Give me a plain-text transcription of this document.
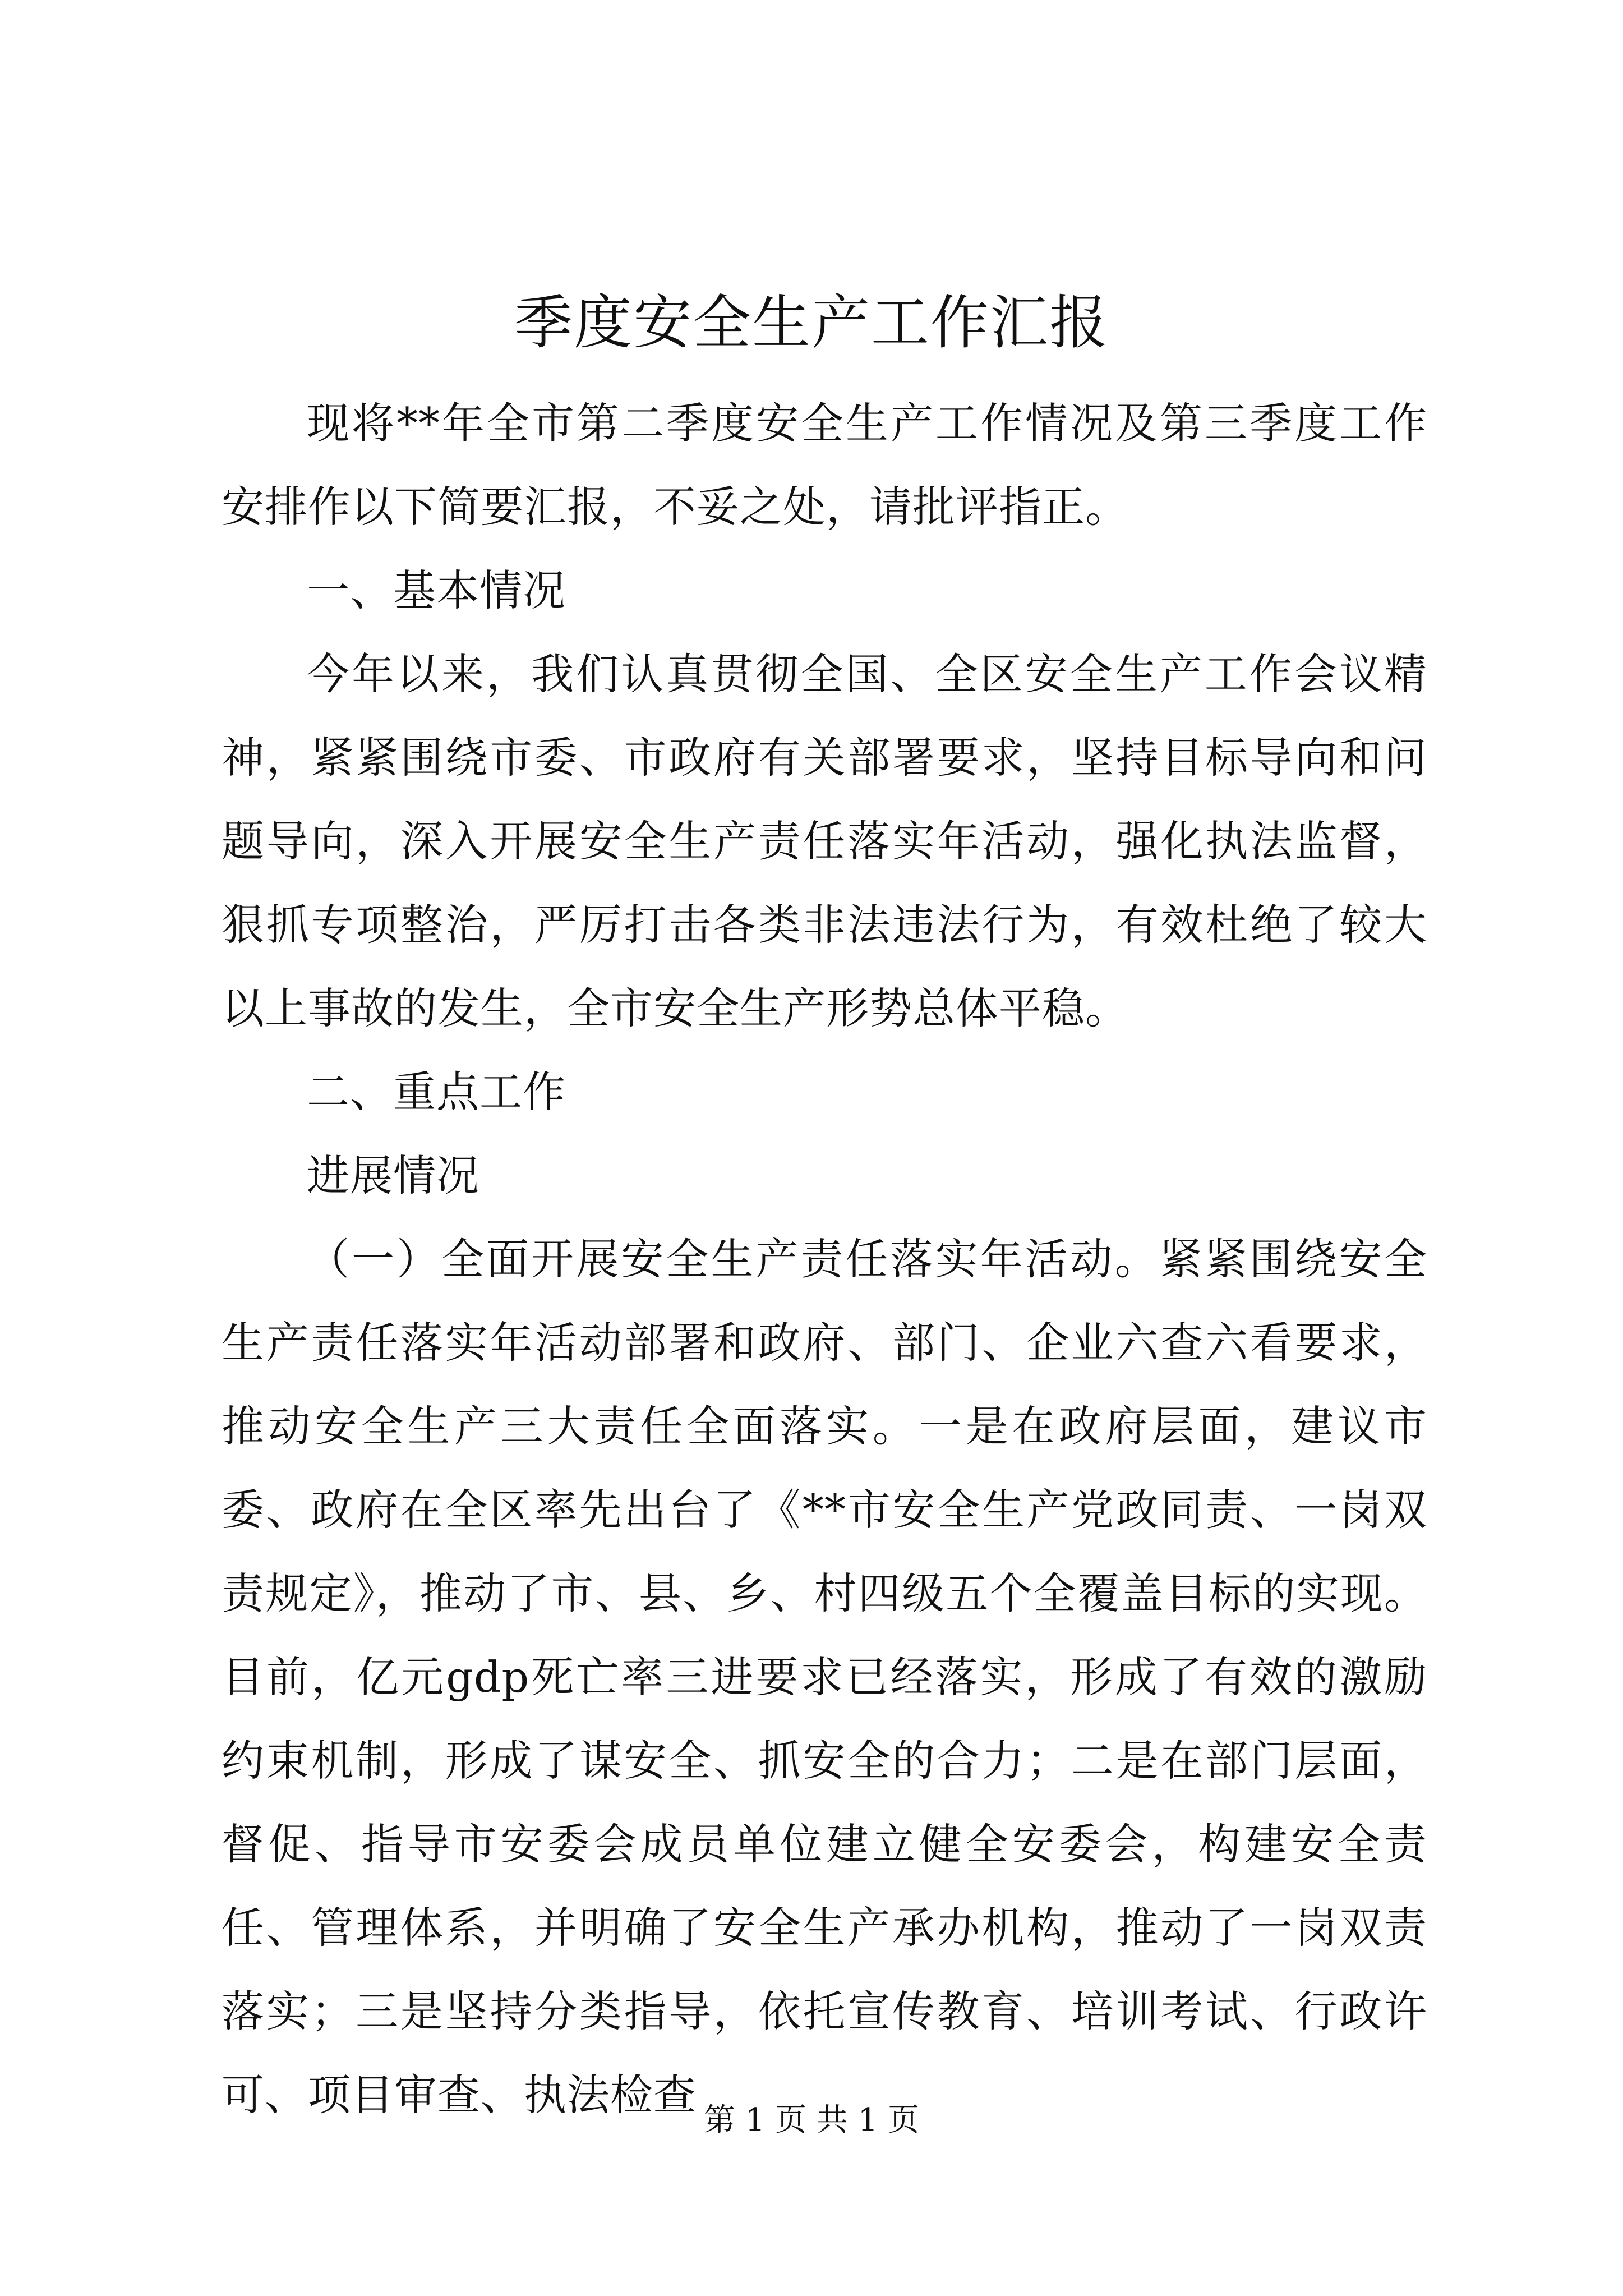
季度安全生产工作汇报

现将**年全市第二季度安全生产工作情况及第三季度工作安排作以下简要汇报，不妥之处，请批评指正。

一、基本情况

今年以来，我们认真贯彻全国、全区安全生产工作会议精神，紧紧围绕市委、市政府有关部署要求，坚持目标导向和问题导向，深入开展安全生产责任落实年活动，强化执法监督，狠抓专项整治，严厉打击各类非法违法行为，有效杜绝了较大以上事故的发生，全市安全生产形势总体平稳。

二、重点工作

进展情况

（一）全面开展安全生产责任落实年活动。紧紧围绕安全生产责任落实年活动部署和政府、部门、企业六查六看要求，推动安全生产三大责任全面落实。一是在政府层面，建议市委、政府在全区率先出台了《**市安全生产党政同责、一岗双责规定》，推动了市、县、乡、村四级五个全覆盖目标的实现。目前，亿元gdp死亡率三进要求已经落实，形成了有效的激励约束机制，形成了谋安全、抓安全的合力；二是在部门层面，督促、指导市安委会成员单位建立健全安委会，构建安全责任、管理体系，并明确了安全生产承办机构，推动了一岗双责落实；三是坚持分类指导，依托宣传教育、培训考试、行政许可、项目审查、执法检查

第 1 页 共 1 页
